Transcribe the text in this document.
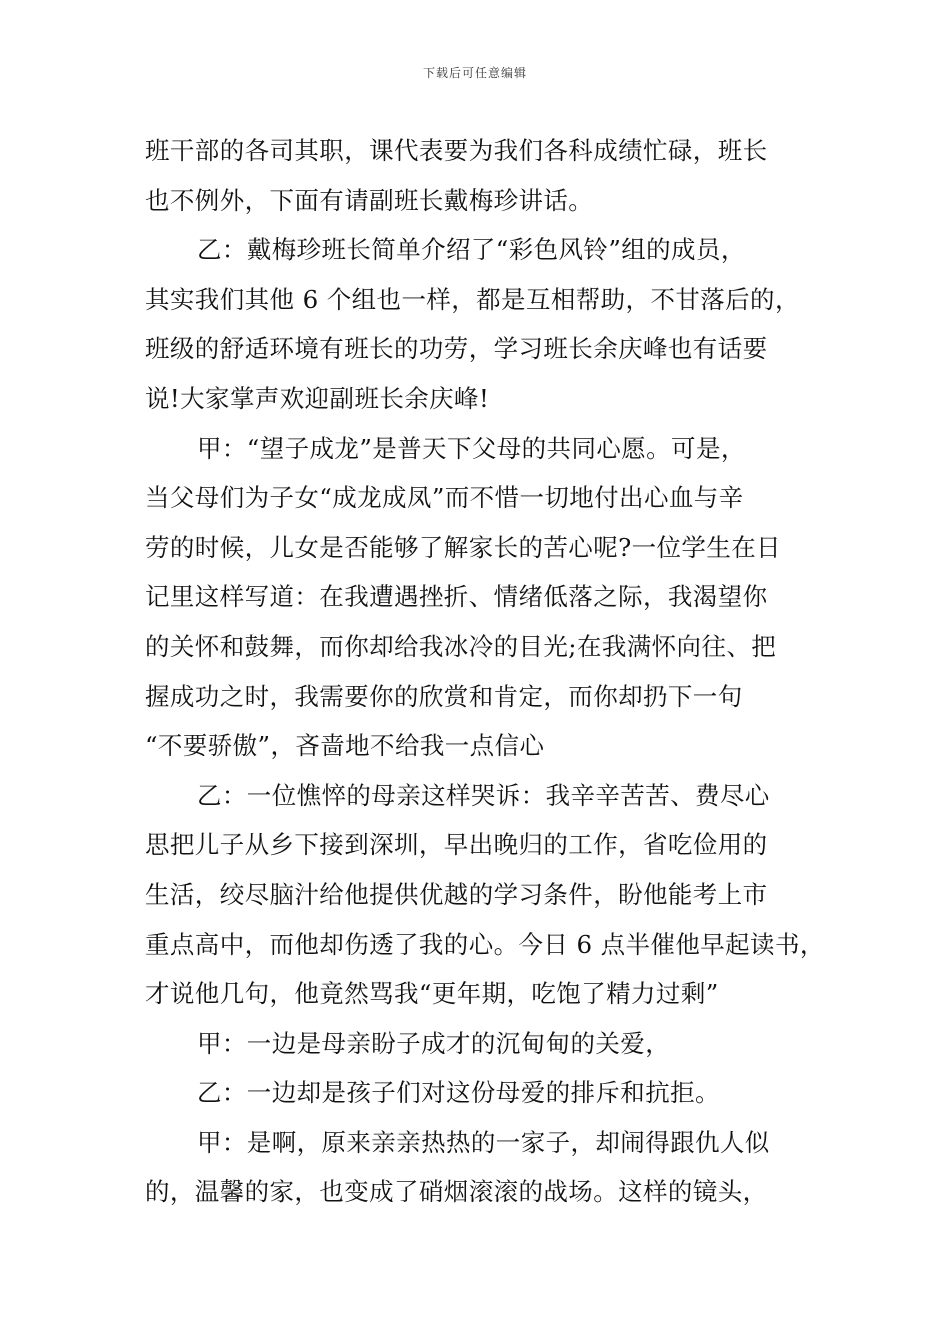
下载后可任意编辑
班干部的各司其职，课代表要为我们各科成绩忙碌，班长
也不例外，下面有请副班长戴梅珍讲话。
乙：戴梅珍班长简单介绍了“彩色风铃”组的成员，
其实我们其他 6 个组也一样，都是互相帮助，不甘落后的，
班级的舒适环境有班长的功劳，学习班长余庆峰也有话要
说!大家掌声欢迎副班长余庆峰!
甲：“望子成龙”是普天下父母的共同心愿。可是，
当父母们为子女“成龙成凤”而不惜一切地付出心血与辛
劳的时候，儿女是否能够了解家长的苦心呢?一位学生在日
记里这样写道：在我遭遇挫折、情绪低落之际，我渴望你
的关怀和鼓舞，而你却给我冰冷的目光;在我满怀向往、把
握成功之时，我需要你的欣赏和肯定，而你却扔下一句
“不要骄傲”，吝啬地不给我一点信心
乙：一位憔悴的母亲这样哭诉：我辛辛苦苦、费尽心
思把儿子从乡下接到深圳，早出晚归的工作，省吃俭用的
生活，绞尽脑汁给他提供优越的学习条件，盼他能考上市
重点高中，而他却伤透了我的心。今日 6 点半催他早起读书，
才说他几句，他竟然骂我“更年期，吃饱了精力过剩”
甲：一边是母亲盼子成才的沉甸甸的关爱，
乙：一边却是孩子们对这份母爱的排斥和抗拒。
甲：是啊，原来亲亲热热的一家子，却闹得跟仇人似
的，温馨的家，也变成了硝烟滚滚的战场。这样的镜头，
